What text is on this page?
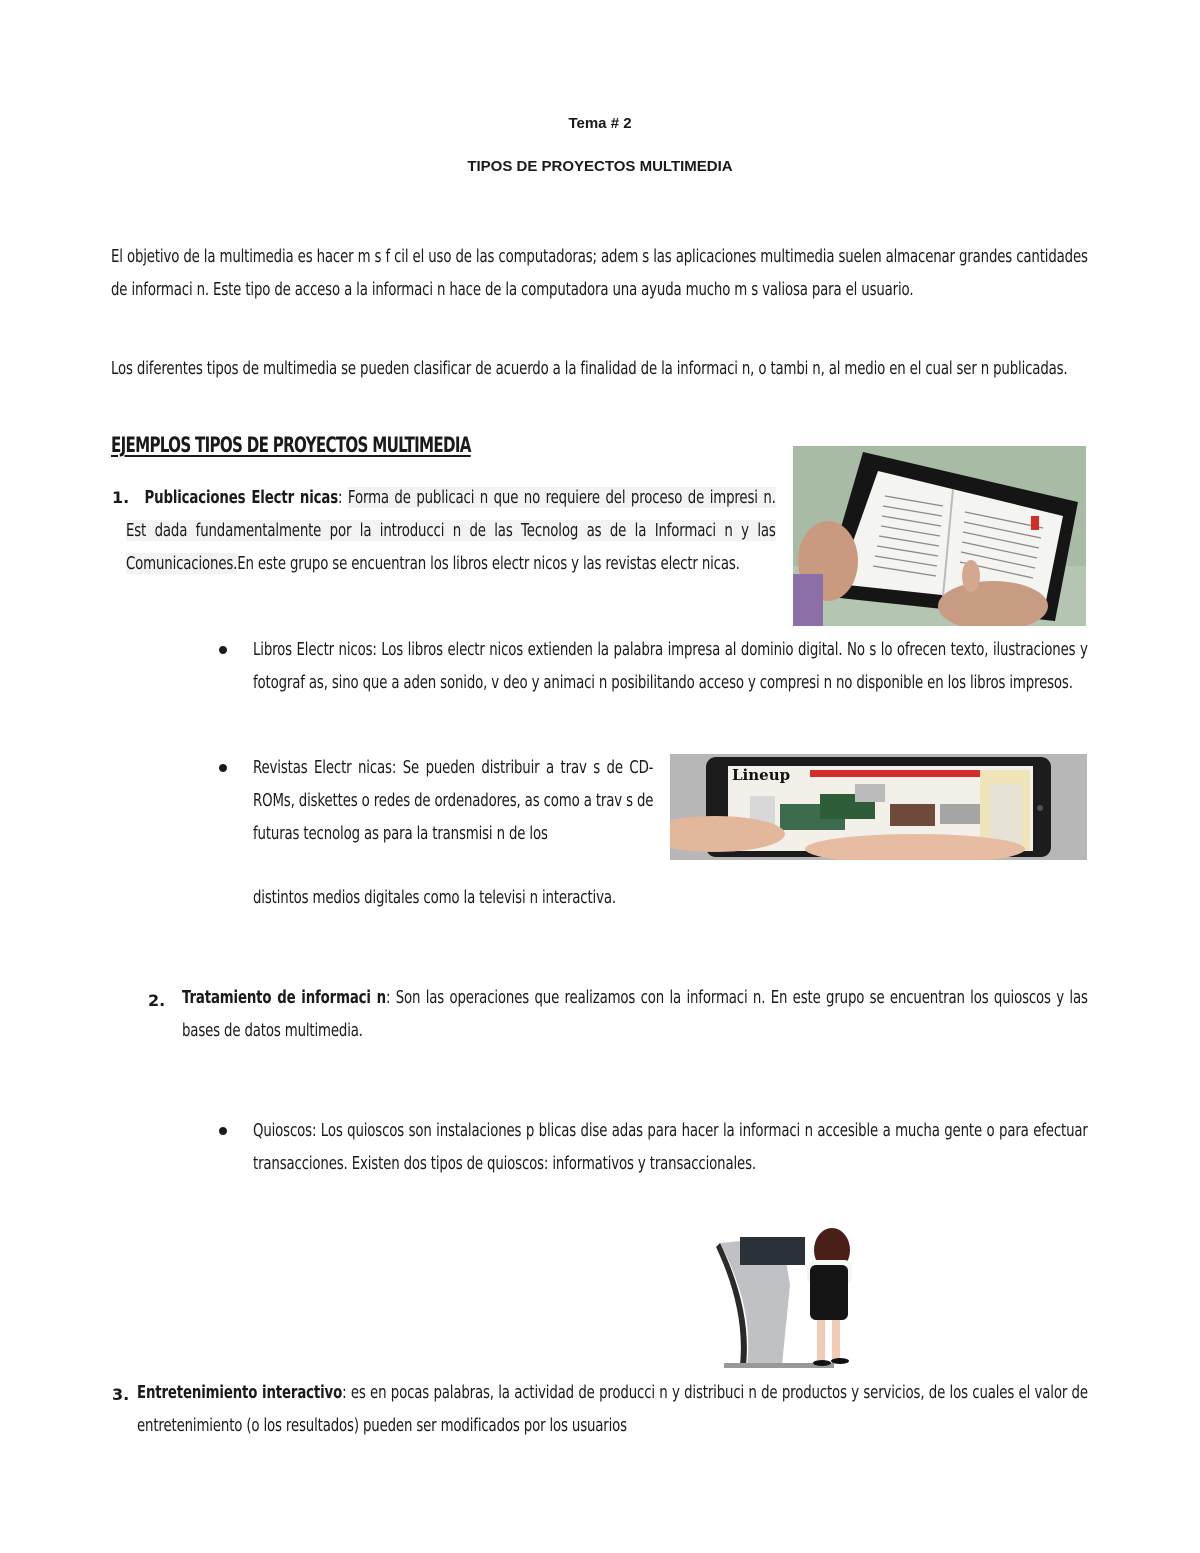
Tema # 2
TIPOS DE PROYECTOS MULTIMEDIA
El objetivo de la multimedia es hacer m s f cil el uso de las computadoras; adem s las aplicaciones multimedia suelen almacenar grandes cantidades de informaci n. Este tipo de acceso a la informaci n hace de la computadora una ayuda mucho m s valiosa para el usuario.
Los diferentes tipos de multimedia se pueden clasificar de acuerdo a la finalidad de la informaci n, o tambi n, al medio en el cual ser n publicadas.
EJEMPLOS TIPOS DE PROYECTOS MULTIMEDIA
1. Publicaciones Electr nicas: Forma de publicaci n que no requiere del proceso de impresi n. Est dada fundamentalmente por la introducci n de las Tecnolog as de la Informaci n y las Comunicaciones.En este grupo se encuentran los libros electr nicos y las revistas electr nicas.
Libros Electr nicos: Los libros electr nicos extienden la palabra impresa al dominio digital. No s lo ofrecen texto, ilustraciones y fotograf as, sino que a aden sonido, v deo y animaci n posibilitando acceso y compresi n no disponible en los libros impresos.
Revistas Electr nicas: Se pueden distribuir a trav s de CD-ROMs, diskettes o redes de ordenadores, as como a trav s de futuras tecnolog as para la transmisi n de los
distintos medios digitales como la televisi n interactiva.
Lineup
2. Tratamiento de informaci n: Son las operaciones que realizamos con la informaci n. En este grupo se encuentran los quioscos y las bases de datos multimedia.
Quioscos: Los quioscos son instalaciones p blicas dise adas para hacer la informaci n accesible a mucha gente o para efectuar transacciones. Existen dos tipos de quioscos: informativos y transaccionales.
3. Entretenimiento interactivo: es en pocas palabras, la actividad de producci n y distribuci n de productos y servicios, de los cuales el valor de entretenimiento (o los resultados) pueden ser modificados por los usuarios
